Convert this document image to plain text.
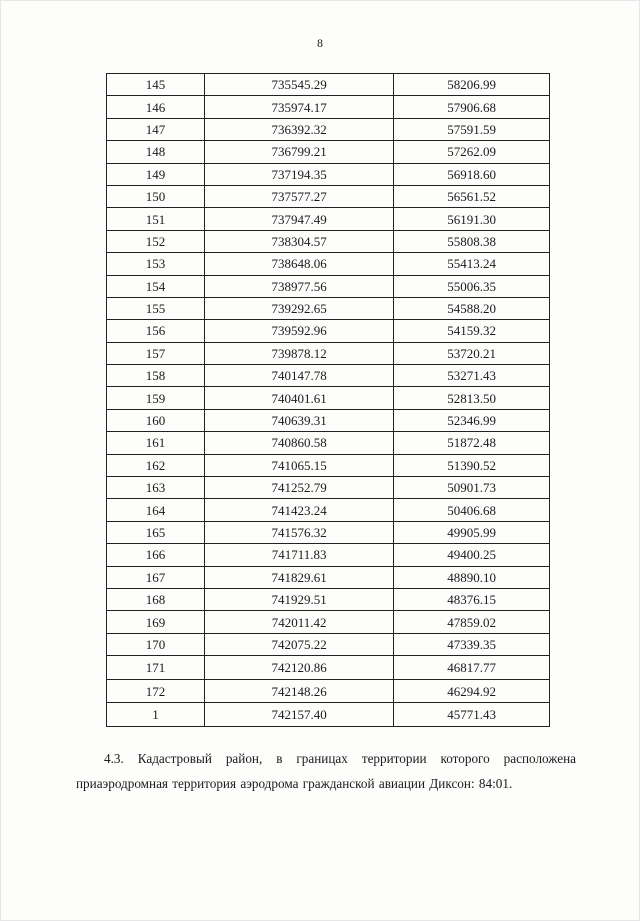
8
145	735545.29	58206.99
146	735974.17	57906.68
147	736392.32	57591.59
148	736799.21	57262.09
149	737194.35	56918.60
150	737577.27	56561.52
151	737947.49	56191.30
152	738304.57	55808.38
153	738648.06	55413.24
154	738977.56	55006.35
155	739292.65	54588.20
156	739592.96	54159.32
157	739878.12	53720.21
158	740147.78	53271.43
159	740401.61	52813.50
160	740639.31	52346.99
161	740860.58	51872.48
162	741065.15	51390.52
163	741252.79	50901.73
164	741423.24	50406.68
165	741576.32	49905.99
166	741711.83	49400.25
167	741829.61	48890.10
168	741929.51	48376.15
169	742011.42	47859.02
170	742075.22	47339.35
171	742120.86	46817.77
172	742148.26	46294.92
1	742157.40	45771.43
4.3. Кадастровый район, в границах территории которого расположена приаэродромная территория аэродрома гражданской авиации Диксон: 84:01.
